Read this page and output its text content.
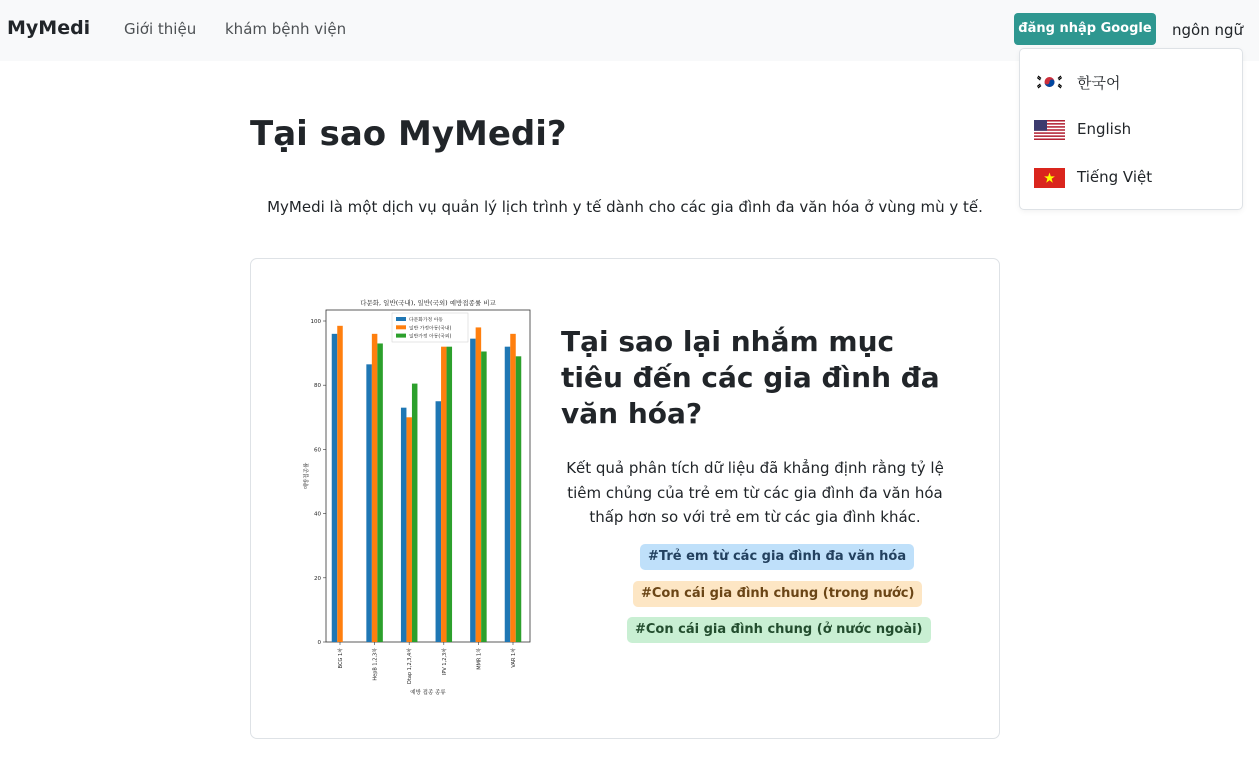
MyMedi Giới thiệu khám bệnh viện	đăng nhập Google ngôn ngữ
한국어
English
Tiếng Việt
Tại sao MyMedi?

MyMedi là một dịch vụ quản lý lịch trình y tế dành cho các gia đình đa văn hóa ở vùng mù y tế.

다문화, 일반(국내), 일반(국외) 예방접종률 비교
0
20
40
60
80
100
BCG 1차	HepB 1,2,3차	Dtap 1,2,3,4차	IPV 1,2,3차	MMR 1차	VAR 1차
예방 접종 종류
예방접종률
다문화가정 아동
일반 가정아동(국내)
일반가정 아동(국외)	Tại sao lại nhắm mục tiêu đến các gia đình đa văn hóa?

Kết quả phân tích dữ liệu đã khẳng định rằng tỷ lệ tiêm chủng của trẻ em từ các gia đình đa văn hóa thấp hơn so với trẻ em từ các gia đình khác.

#Trẻ em từ các gia đình đa văn hóa
#Con cái gia đình chung (trong nước)
#Con cái gia đình chung (ở nước ngoài)
